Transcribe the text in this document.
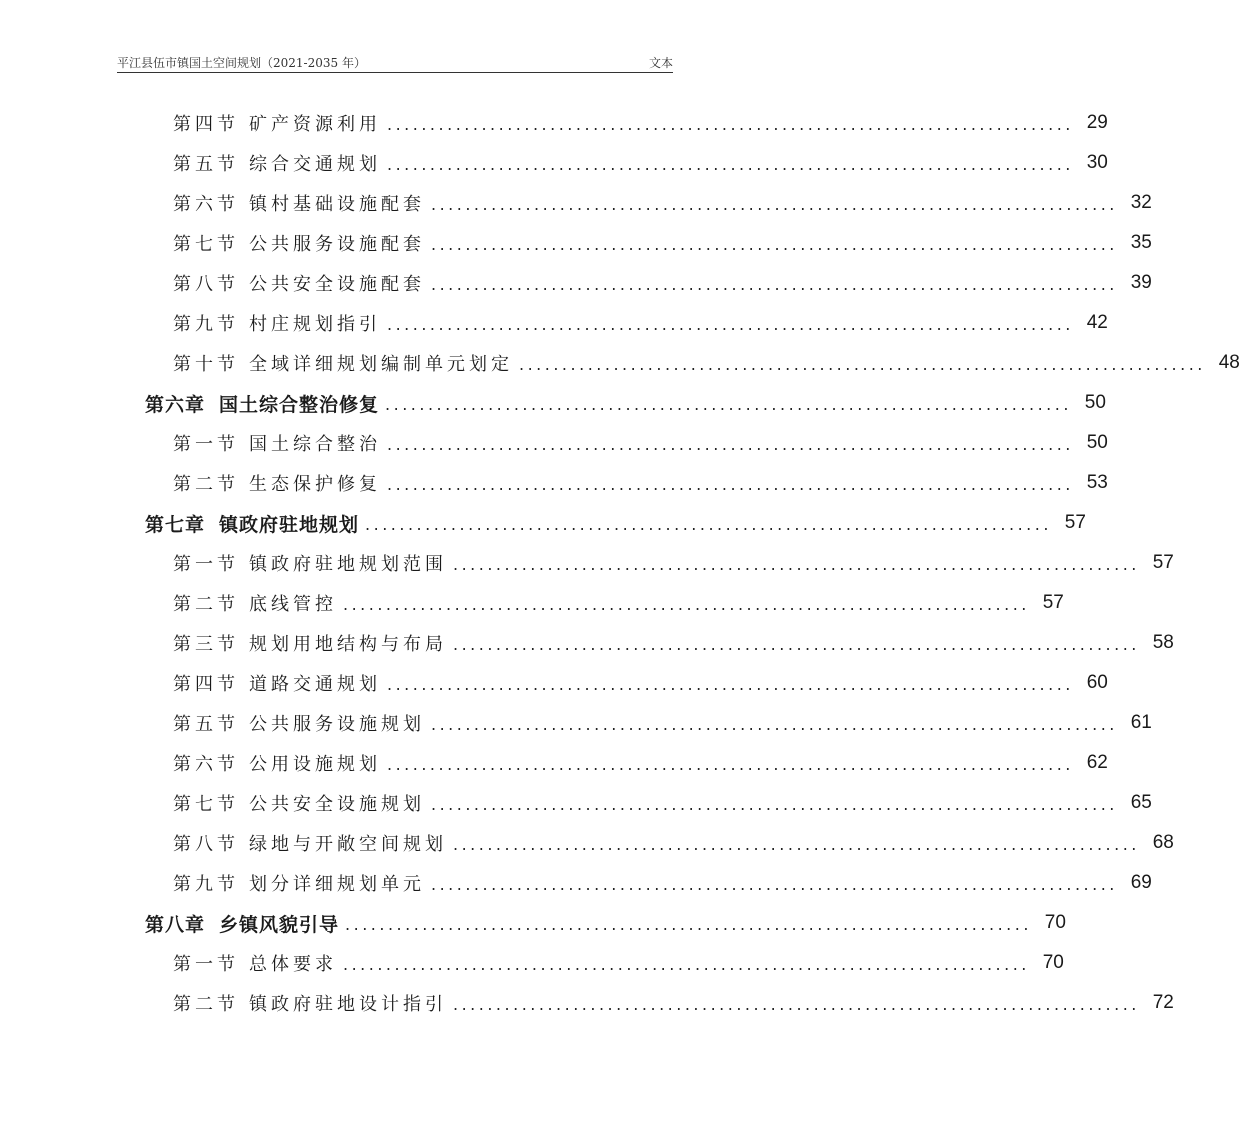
平江县伍市镇国土空间规划（2021-2035 年）	文本
第四节 矿产资源利用 ................................................................................ 29
第五节 综合交通规划 ................................................................................ 30
第六节 镇村基础设施配套 ................................................................................ 32
第七节 公共服务设施配套 ................................................................................ 35
第八节 公共安全设施配套 ................................................................................ 39
第九节 村庄规划指引 ................................................................................ 42
第十节 全域详细规划编制单元划定 ................................................................................ 48
第六章 国土综合整治修复 ................................................................................ 50
第一节 国土综合整治 ................................................................................ 50
第二节 生态保护修复 ................................................................................ 53
第七章 镇政府驻地规划 ................................................................................ 57
第一节 镇政府驻地规划范围 ................................................................................ 57
第二节 底线管控 ................................................................................ 57
第三节 规划用地结构与布局 ................................................................................ 58
第四节 道路交通规划 ................................................................................ 60
第五节 公共服务设施规划 ................................................................................ 61
第六节 公用设施规划 ................................................................................ 62
第七节 公共安全设施规划 ................................................................................ 65
第八节 绿地与开敞空间规划 ................................................................................ 68
第九节 划分详细规划单元 ................................................................................ 69
第八章 乡镇风貌引导 ................................................................................ 70
第一节 总体要求 ................................................................................ 70
第二节 镇政府驻地设计指引 ................................................................................ 72
